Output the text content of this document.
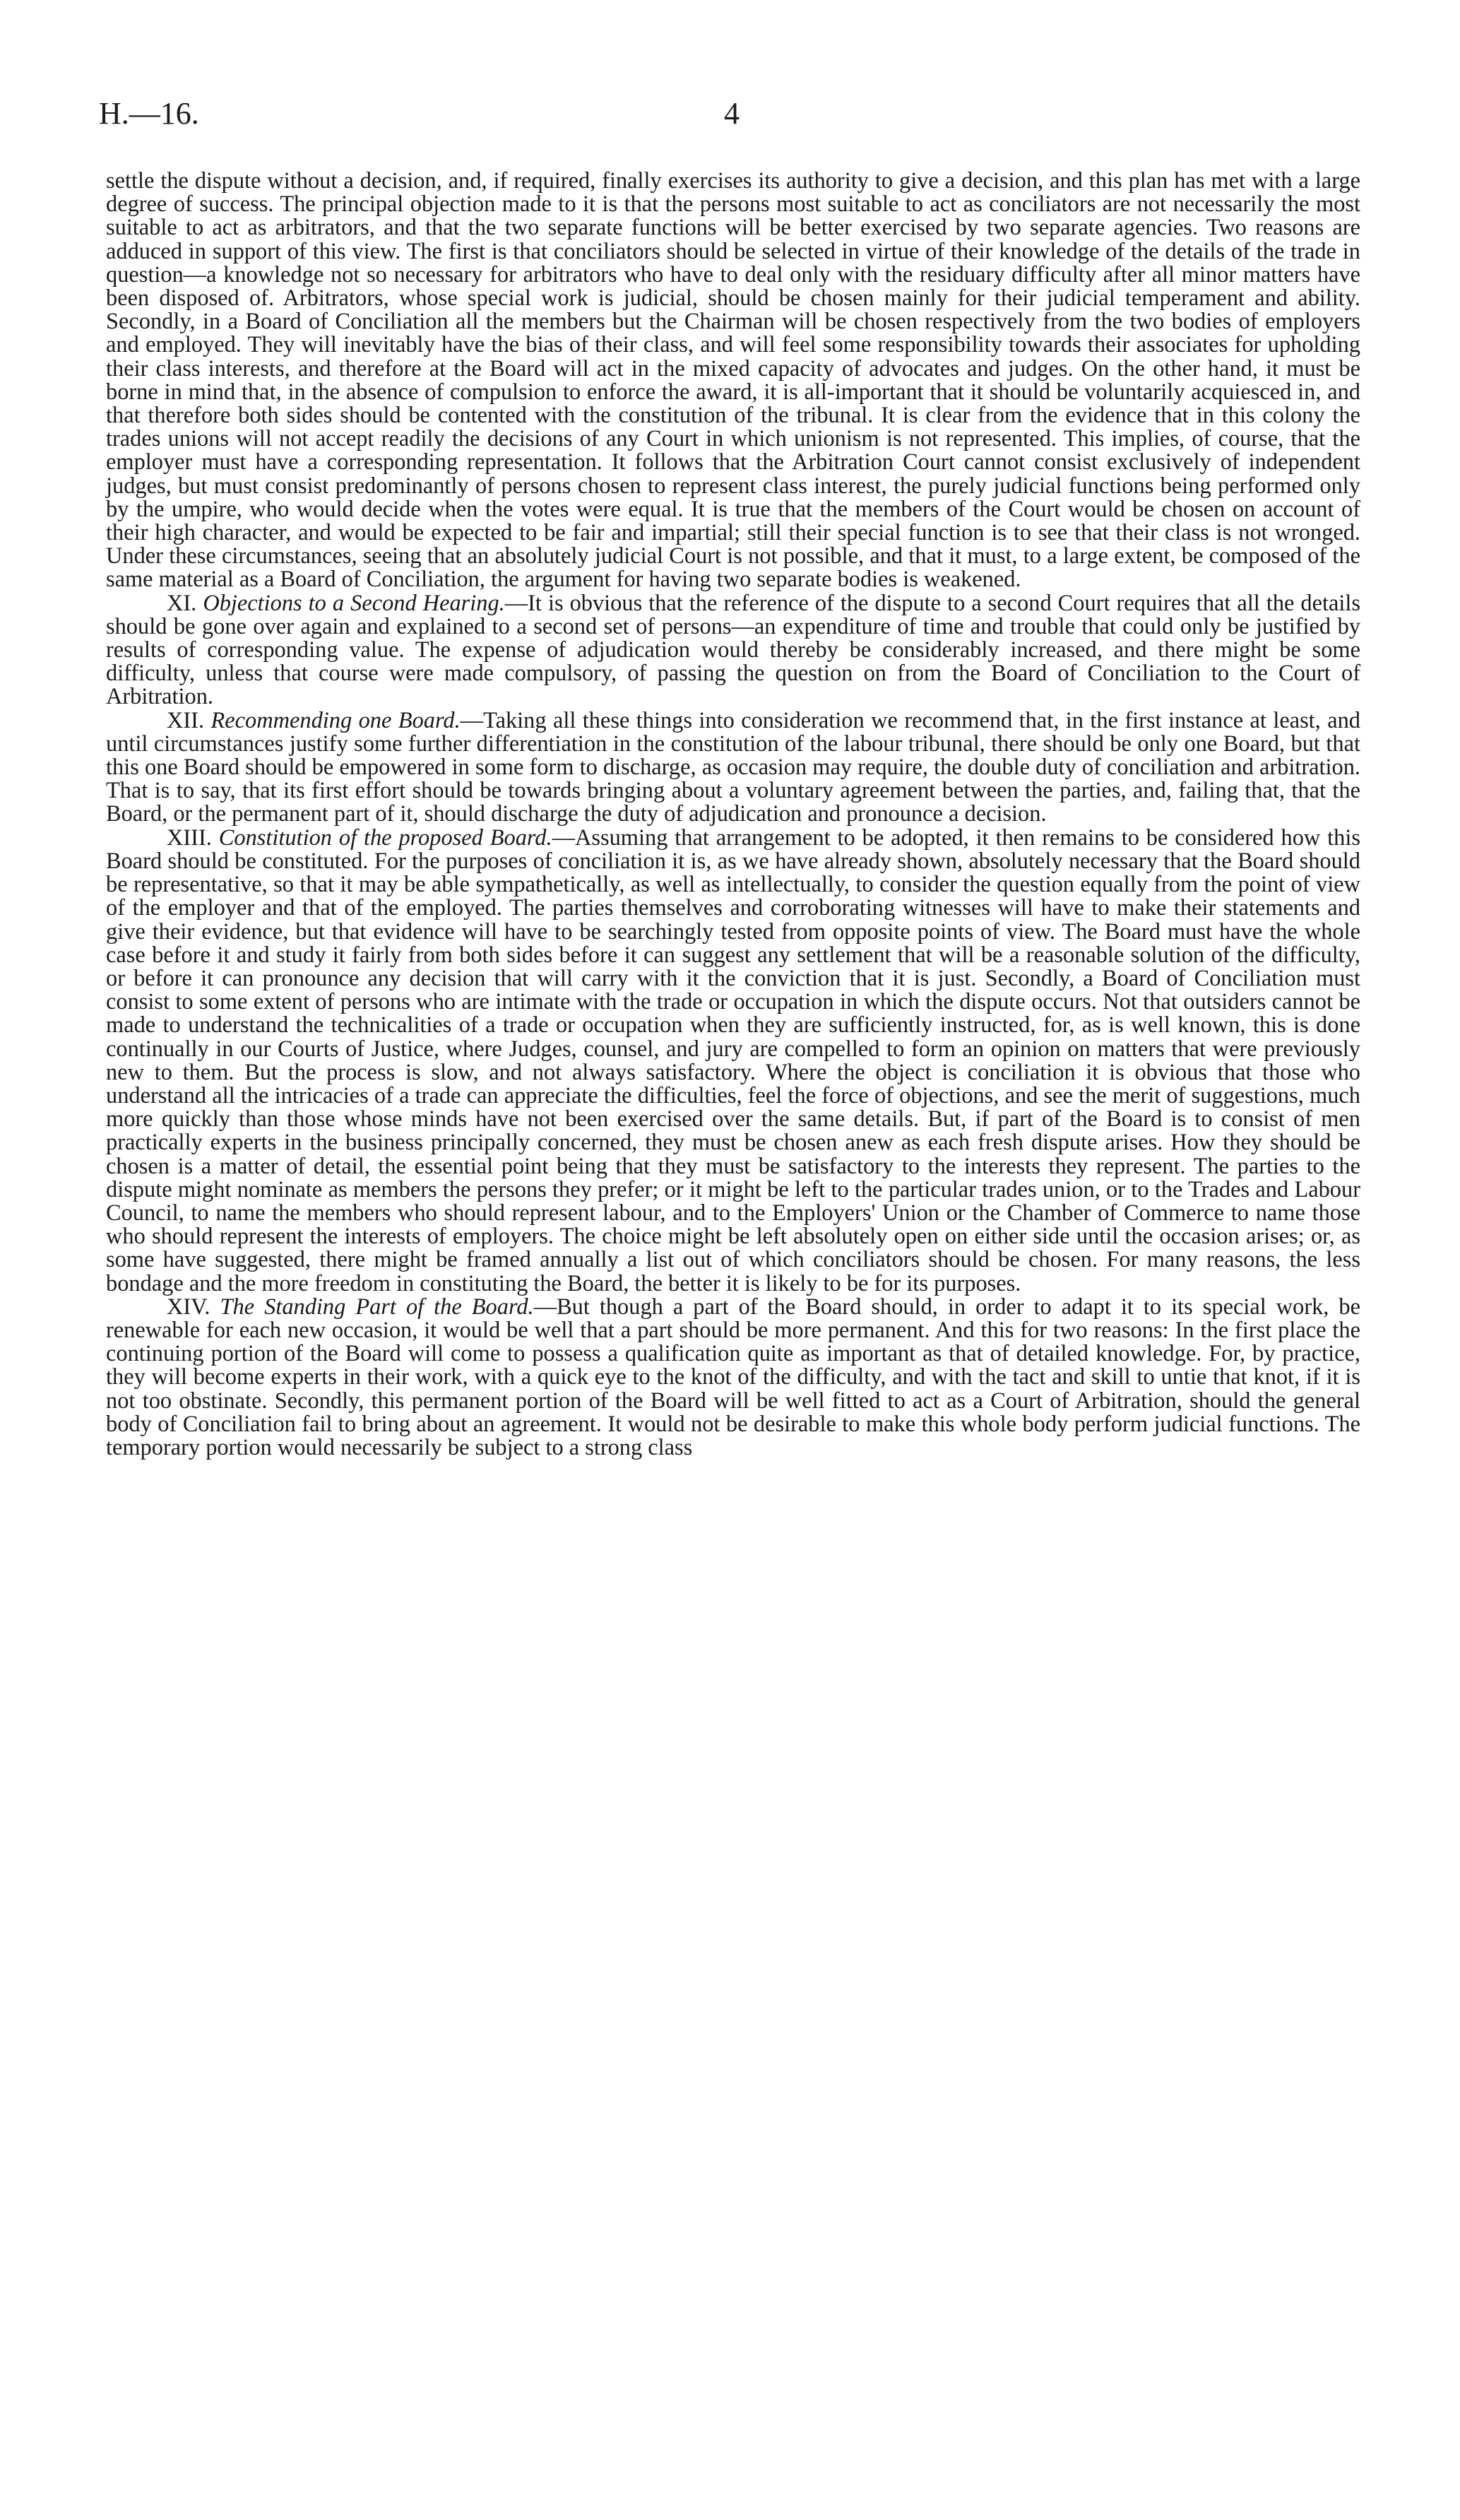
H.—16.	4

settle the dispute without a decision, and, if required, finally exercises its authority to give a decision, and this plan has met with a large degree of success. The principal objection made to it is that the persons most suitable to act as conciliators are not necessarily the most suitable to act as arbitrators, and that the two separate functions will be better exercised by two separate agencies. Two reasons are adduced in support of this view. The first is that conciliators should be selected in virtue of their knowledge of the details of the trade in question—a knowledge not so necessary for arbitrators who have to deal only with the residuary difficulty after all minor matters have been disposed of. Arbitrators, whose special work is judicial, should be chosen mainly for their judicial temperament and ability. Secondly, in a Board of Conciliation all the members but the Chairman will be chosen respectively from the two bodies of employers and employed. They will inevitably have the bias of their class, and will feel some responsibility towards their associates for upholding their class interests, and therefore at the Board will act in the mixed capacity of advocates and judges. On the other hand, it must be borne in mind that, in the absence of compulsion to enforce the award, it is all-important that it should be voluntarily acquiesced in, and that therefore both sides should be contented with the constitution of the tribunal. It is clear from the evidence that in this colony the trades unions will not accept readily the decisions of any Court in which unionism is not represented. This implies, of course, that the employer must have a corresponding representation. It follows that the Arbitration Court cannot consist exclusively of independent judges, but must consist predominantly of persons chosen to represent class interest, the purely judicial functions being performed only by the umpire, who would decide when the votes were equal. It is true that the members of the Court would be chosen on account of their high character, and would be expected to be fair and impartial; still their special function is to see that their class is not wronged. Under these circumstances, seeing that an absolutely judicial Court is not possible, and that it must, to a large extent, be composed of the same material as a Board of Conciliation, the argument for having two separate bodies is weakened.

XI. Objections to a Second Hearing.—It is obvious that the reference of the dispute to a second Court requires that all the details should be gone over again and explained to a second set of persons—an expenditure of time and trouble that could only be justified by results of corresponding value. The expense of adjudication would thereby be considerably increased, and there might be some difficulty, unless that course were made compulsory, of passing the question on from the Board of Conciliation to the Court of Arbitration.

XII. Recommending one Board.—Taking all these things into consideration we recommend that, in the first instance at least, and until circumstances justify some further differentiation in the constitution of the labour tribunal, there should be only one Board, but that this one Board should be empowered in some form to discharge, as occasion may require, the double duty of conciliation and arbitration. That is to say, that its first effort should be towards bringing about a voluntary agreement between the parties, and, failing that, that the Board, or the permanent part of it, should discharge the duty of adjudication and pronounce a decision.

XIII. Constitution of the proposed Board.—Assuming that arrangement to be adopted, it then remains to be considered how this Board should be constituted. For the purposes of conciliation it is, as we have already shown, absolutely necessary that the Board should be representative, so that it may be able sympathetically, as well as intellectually, to consider the question equally from the point of view of the employer and that of the employed. The parties themselves and corroborating witnesses will have to make their statements and give their evidence, but that evidence will have to be searchingly tested from opposite points of view. The Board must have the whole case before it and study it fairly from both sides before it can suggest any settlement that will be a reasonable solution of the difficulty, or before it can pronounce any decision that will carry with it the conviction that it is just. Secondly, a Board of Conciliation must consist to some extent of persons who are intimate with the trade or occupation in which the dispute occurs. Not that outsiders cannot be made to understand the technicalities of a trade or occupation when they are sufficiently instructed, for, as is well known, this is done continually in our Courts of Justice, where Judges, counsel, and jury are compelled to form an opinion on matters that were previously new to them. But the process is slow, and not always satisfactory. Where the object is conciliation it is obvious that those who understand all the intricacies of a trade can appreciate the difficulties, feel the force of objections, and see the merit of suggestions, much more quickly than those whose minds have not been exercised over the same details. But, if part of the Board is to consist of men practically experts in the business principally concerned, they must be chosen anew as each fresh dispute arises. How they should be chosen is a matter of detail, the essential point being that they must be satisfactory to the interests they represent. The parties to the dispute might nominate as members the persons they prefer; or it might be left to the particular trades union, or to the Trades and Labour Council, to name the members who should represent labour, and to the Employers' Union or the Chamber of Commerce to name those who should represent the interests of employers. The choice might be left absolutely open on either side until the occasion arises; or, as some have suggested, there might be framed annually a list out of which conciliators should be chosen. For many reasons, the less bondage and the more freedom in constituting the Board, the better it is likely to be for its purposes.

XIV. The Standing Part of the Board.—But though a part of the Board should, in order to adapt it to its special work, be renewable for each new occasion, it would be well that a part should be more permanent. And this for two reasons: In the first place the continuing portion of the Board will come to possess a qualification quite as important as that of detailed knowledge. For, by practice, they will become experts in their work, with a quick eye to the knot of the difficulty, and with the tact and skill to untie that knot, if it is not too obstinate. Secondly, this permanent portion of the Board will be well fitted to act as a Court of Arbitration, should the general body of Conciliation fail to bring about an agreement. It would not be desirable to make this whole body perform judicial functions. The temporary portion would necessarily be subject to a strong class
